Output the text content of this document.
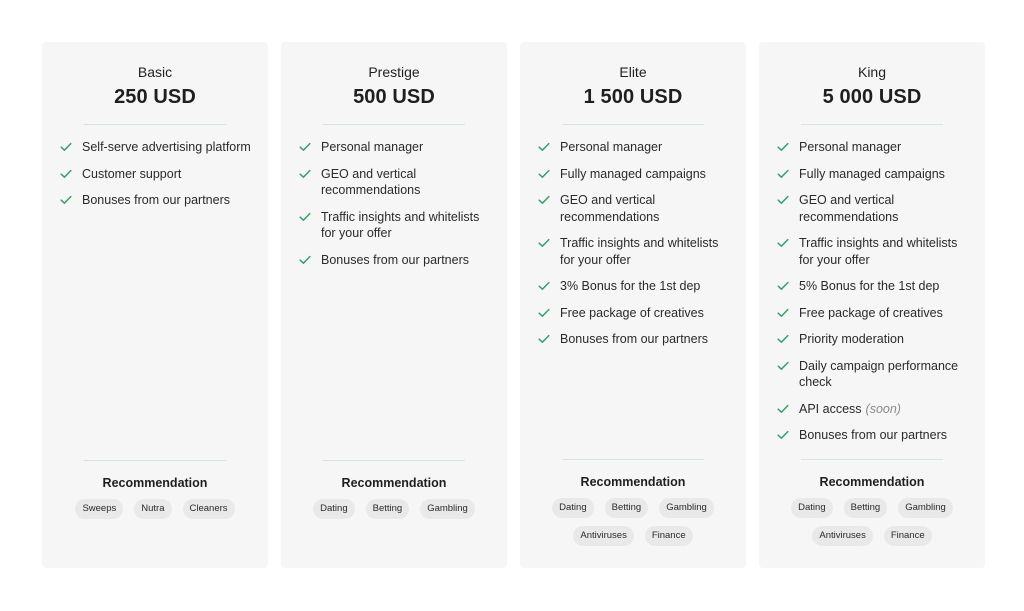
Basic
250 USD
Self-serve advertising platform
Customer support
Bonuses from our partners
Recommendation
Sweeps	Nutra	Cleaners
Prestige
500 USD
Personal manager
GEO and vertical recommendations
Traffic insights and whitelists for your offer
Bonuses from our partners
Recommendation
Dating	Betting	Gambling
Elite
1 500 USD
Personal manager
Fully managed campaigns
GEO and vertical recommendations
Traffic insights and whitelists for your offer
3% Bonus for the 1st dep
Free package of creatives
Bonuses from our partners
Recommendation
Dating	Betting	Gambling
Antiviruses	Finance
King
5 000 USD
Personal manager
Fully managed campaigns
GEO and vertical recommendations
Traffic insights and whitelists for your offer
5% Bonus for the 1st dep
Free package of creatives
Priority moderation
Daily campaign performance check
API access (soon)
Bonuses from our partners
Recommendation
Dating	Betting	Gambling
Antiviruses	Finance
